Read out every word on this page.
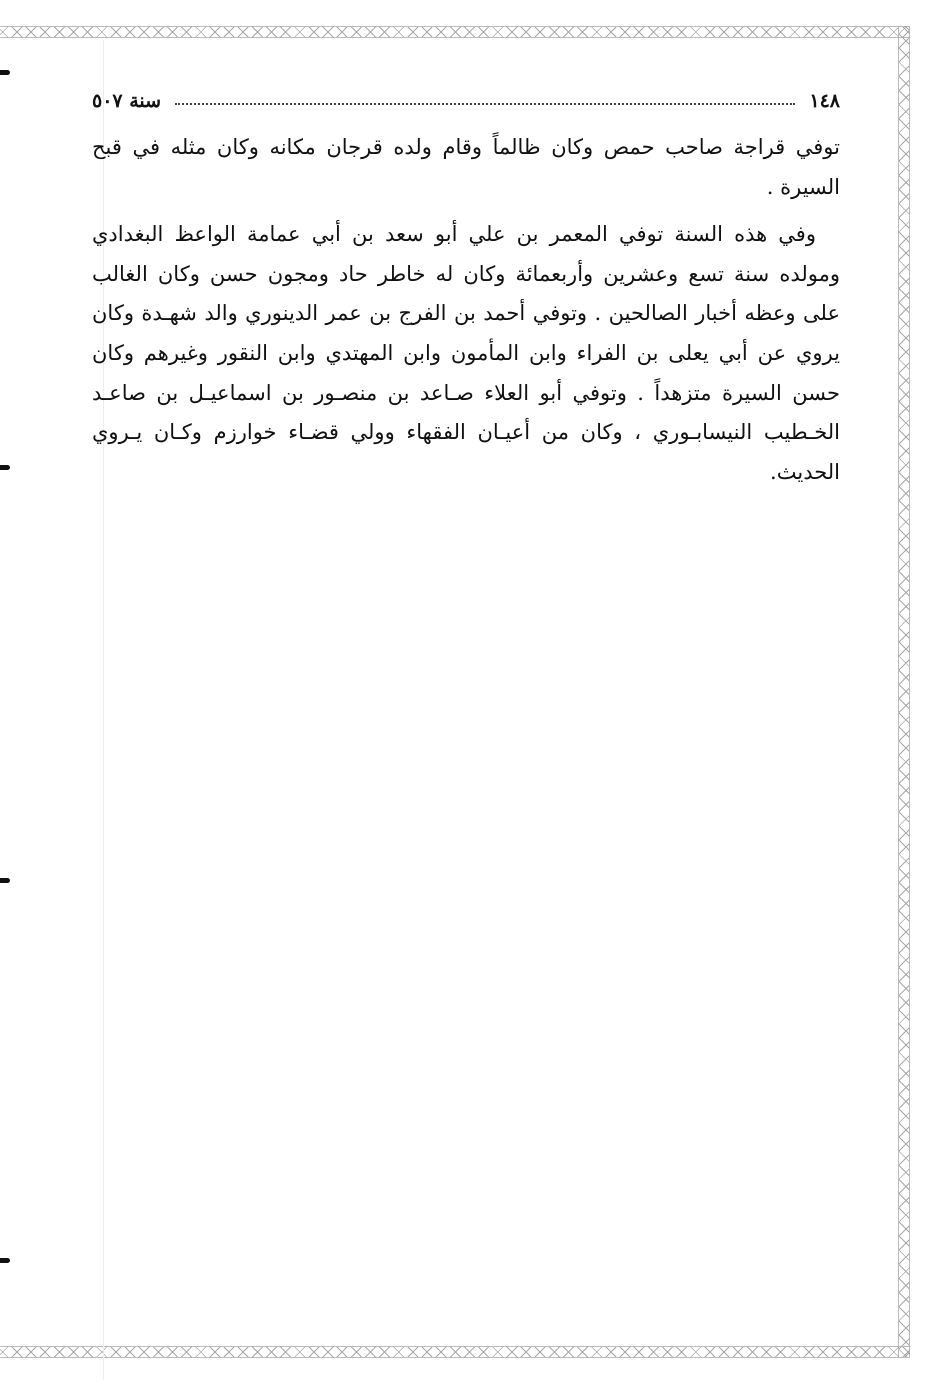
١٤٨
سنة ٥٠٧

توفي قراجة صاحب حمص وكان ظالماً وقام ولده قرجان مكانه وكان مثله في قبح السيرة .

وفي هذه السنة توفي المعمر بن علي أبو سعد بن أبي عمامة الواعظ البغدادي ومولده سنة تسع وعشرين وأربعمائة وكان له خاطر حاد ومجون حسن وكان الغالب على وعظه أخبار الصالحين . وتوفي أحمد بن الفرج بن عمر الدينوري والد شهـدة وكان يروي عن أبي يعلى بن الفراء وابن المأمون وابن المهتدي وابن النقور وغيرهم وكان حسن السيرة متزهداً . وتوفي أبو العلاء صـاعد بن منصـور بن اسماعيـل بن صاعـد الخـطيب النيسابـوري ، وكان من أعيـان الفقهاء وولي قضـاء خوارزم وكـان يـروي الحديث.
